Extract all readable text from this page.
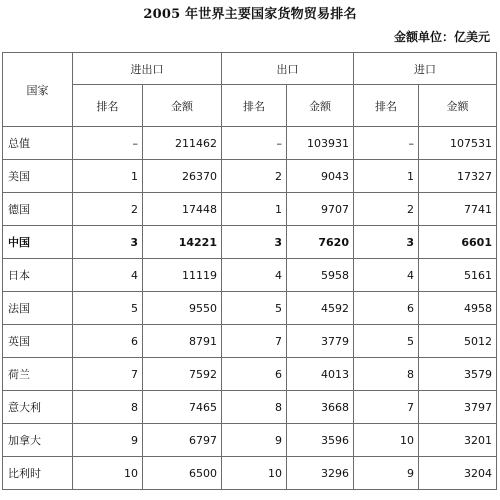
2005 年世界主要国家货物贸易排名
金额单位：亿美元
国家	进出口		出口		进口	
	排名	金额	排名	金额	排名	金额
总值	–	211462	–	103931	–	107531
美国	1	26370	2	9043	1	17327
德国	2	17448	1	9707	2	7741
中国	3	14221	3	7620	3	6601
日本	4	11119	4	5958	4	5161
法国	5	9550	5	4592	6	4958
英国	6	8791	7	3779	5	5012
荷兰	7	7592	6	4013	8	3579
意大利	8	7465	8	3668	7	3797
加拿大	9	6797	9	3596	10	3201
比利时	10	6500	10	3296	9	3204
